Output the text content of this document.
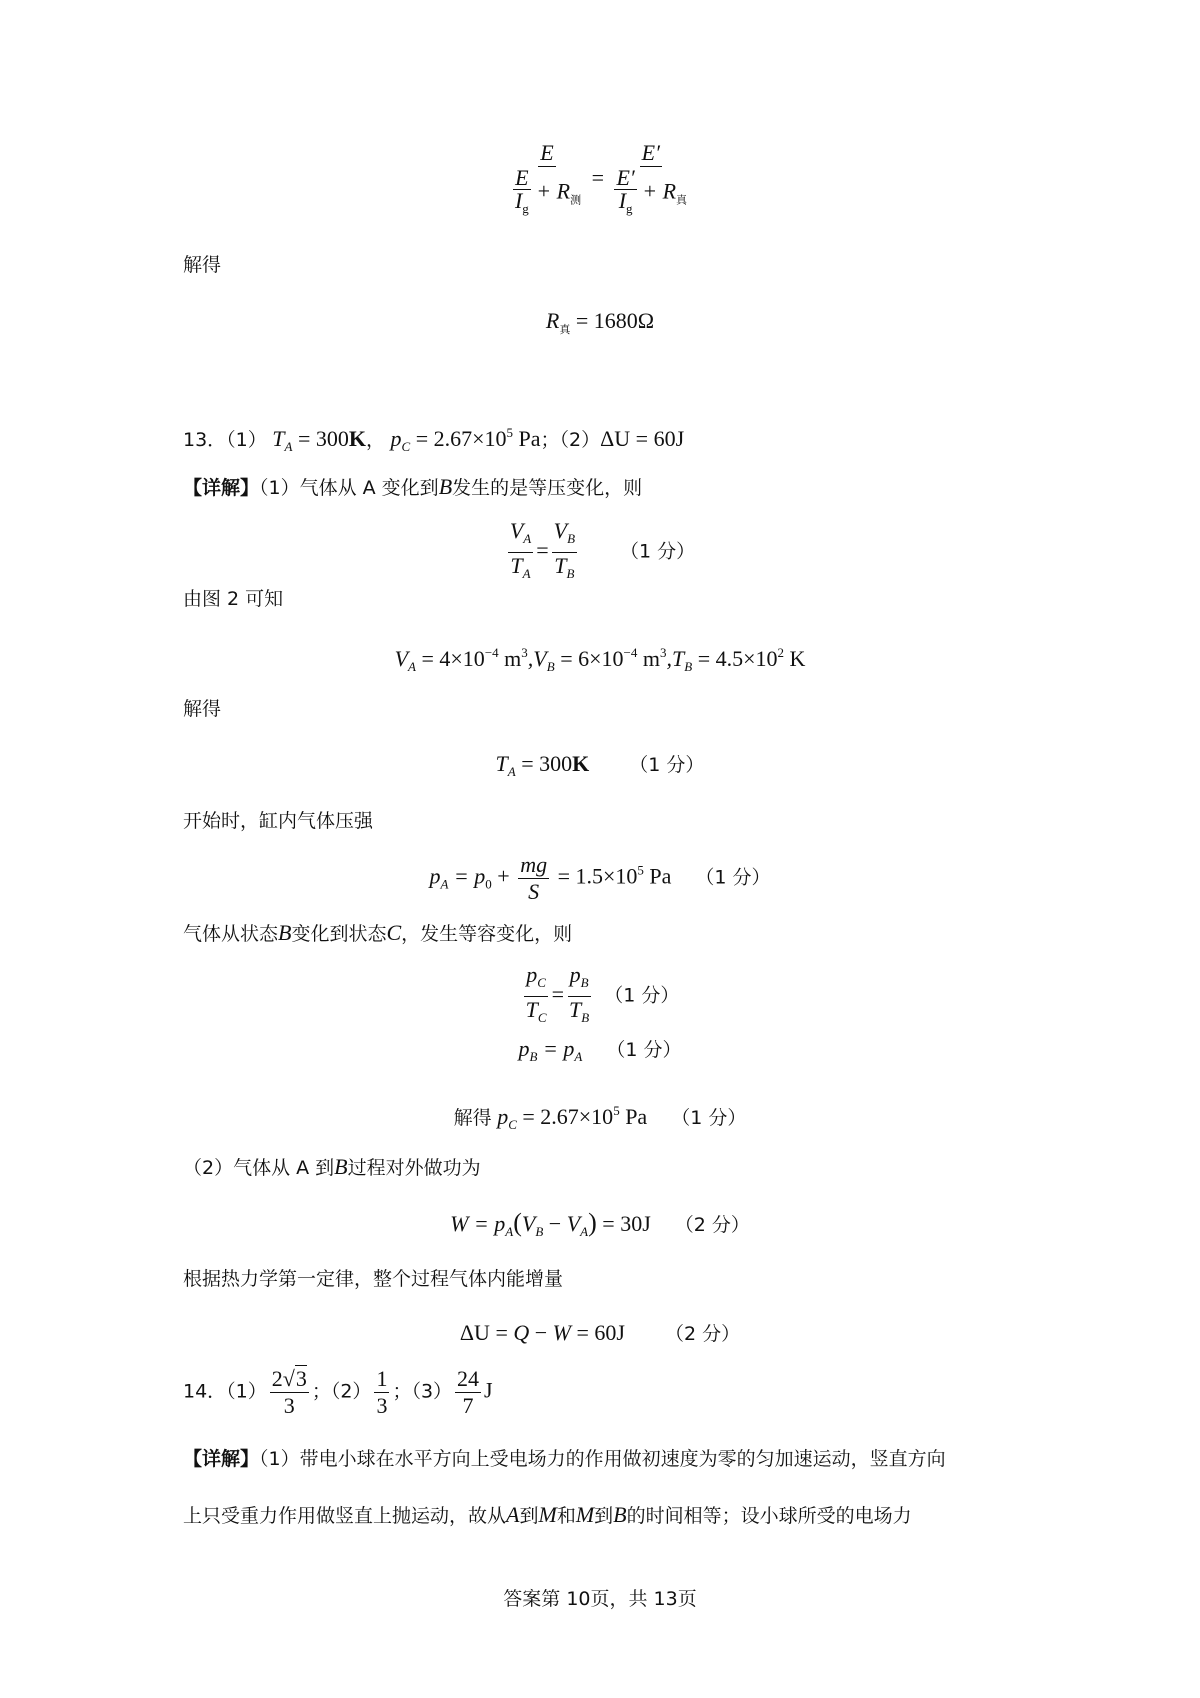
$\frac{E}{\frac{E}{I_g} + R_测} = \frac{E'}{\frac{E'}{I_g} + R_真}$
解得
$R_真 = 1680\Omega$
13．（1） $T_A = 300K$， $p_C = 2.67\times 10^5$ Pa；（2）ΔU = 60J
【详解】（1）气体从 A 变化到B发生的是等压变化，则
$\frac{V_A}{T_A} = \frac{V_B}{T_B} (1$ 分）
由图 2 可知
$V_A = 4\times 10^{-4}$ $m^3,V_B = 6\times 10^{-4}$ $m^3,T_B = 4.5\times 10^2$ K
解得
$T_A = 300K$ （1 分）
开始时，缸内气体压强
$p_A = p_0 + \frac{mg}{S} = 1.5\times 10^5$ Pa （1 分）
气体从状态B变化到状态C，发生等容变化，则
$\frac{p_C}{T_C} = \frac{p_B}{T_B} (1$ 分）
$p_B = p_A$ （1 分）
解得 $p_C = 2.67\times 10^5$ Pa （1 分）
（2）气体从 A 到B过程对外做功为
$W = p_A(V_B - V_A) = 30J$ （2 分）
根据热力学第一定律，整个过程气体内能增量
ΔU = Q − W = 60J （2 分）
14．$(1) \frac{2√3}{3}$ ；$(2) \frac{1}{3}$ ；$(3) \frac{24}{7}$ J
【详解】（1）带电小球在水平方向上受电场力的作用做初速度为零的匀加速运动，竖直方向
上只受重力作用做竖直上抛运动，故从A到M和M到B的时间相等；设小球所受的电场力
答案第 10页，共 13页
